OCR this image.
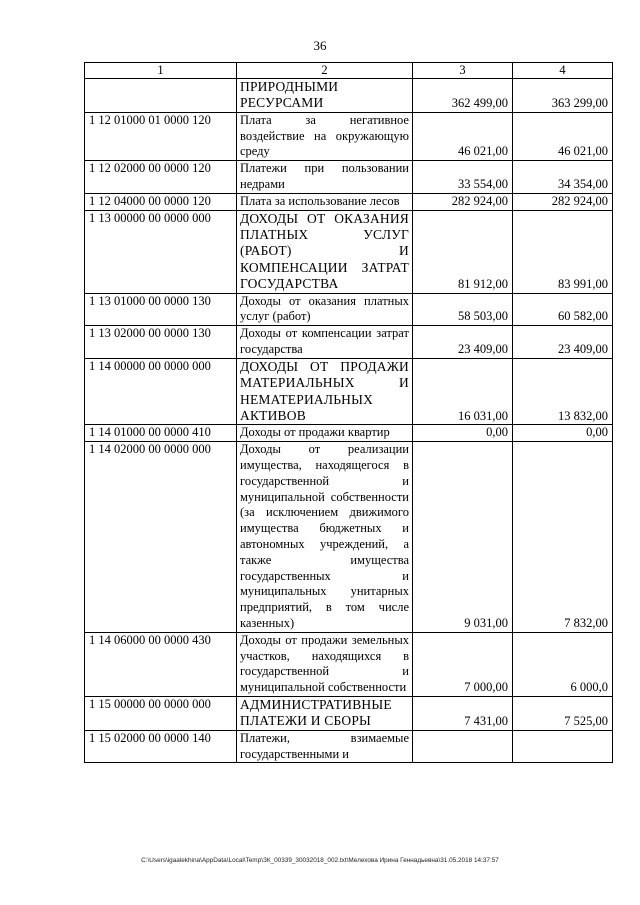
36
1	2	3	4
	ПРИРОДНЫМИ РЕСУРСАМИ	362 499,00	363 299,00
1 12 01000 01 0000 120	Плата за негативное воздействие на окружающую среду	46 021,00	46 021,00
1 12 02000 00 0000 120	Платежи при пользовании недрами	33 554,00	34 354,00
1 12 04000 00 0000 120	Плата за использование лесов	282 924,00	282 924,00
1 13 00000 00 0000 000	ДОХОДЫ ОТ ОКАЗАНИЯ ПЛАТНЫХ УСЛУГ (РАБОТ) И КОМПЕНСАЦИИ ЗАТРАТ ГОСУДАРСТВА	81 912,00	83 991,00
1 13 01000 00 0000 130	Доходы от оказания платных услуг (работ)	58 503,00	60 582,00
1 13 02000 00 0000 130	Доходы от компенсации затрат государства	23 409,00	23 409,00
1 14 00000 00 0000 000	ДОХОДЫ ОТ ПРОДАЖИ МАТЕРИАЛЬНЫХ И НЕМАТЕРИАЛЬНЫХ АКТИВОВ	16 031,00	13 832,00
1 14 01000 00 0000 410	Доходы от продажи квартир	0,00	0,00
1 14 02000 00 0000 000	Доходы от реализации имущества, находящегося в государственной и муниципальной собственности (за исключением движимого имущества бюджетных и автономных учреждений, а также имущества государственных и муниципальных унитарных предприятий, в том числе казенных)	9 031,00	7 832,00
1 14 06000 00 0000 430	Доходы от продажи земельных участков, находящихся в государственной и муниципальной собственности	7 000,00	6 000,0
1 15 00000 00 0000 000	АДМИНИСТРАТИВНЫЕ ПЛАТЕЖИ И СБОРЫ	7 431,00	7 525,00
1 15 02000 00 0000 140	Платежи, взимаемые государственными и		
C:\Users\igaalekhina\AppData\Local\Temp\ЗК_00339_30032018_002.txt\Мелехова Ирина Геннадьевна\31.05.2018 14:37:57
